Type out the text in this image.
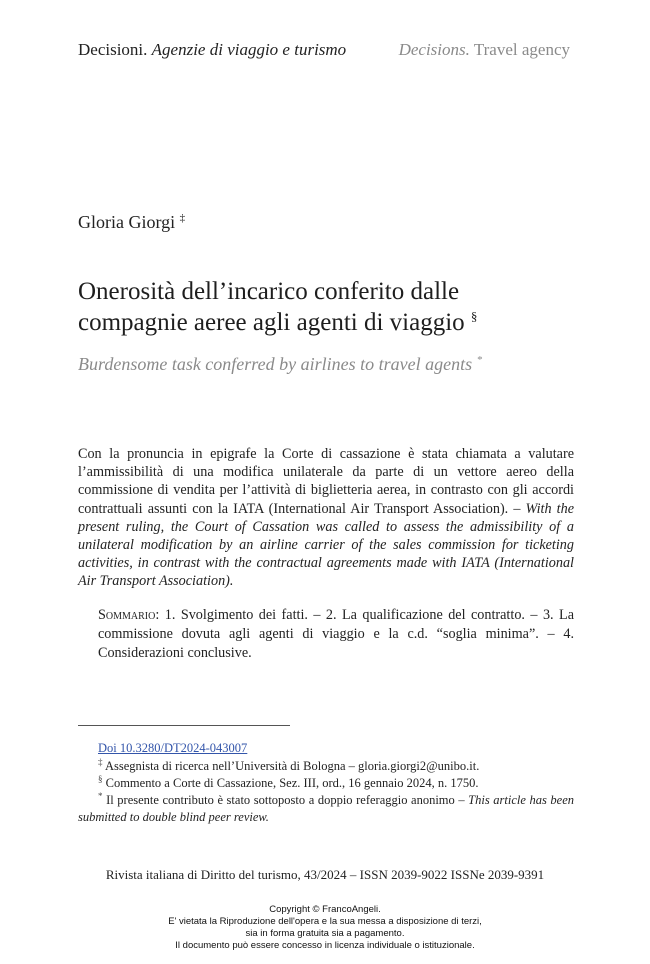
Decisioni. Agenzie di viaggio e turismo	Decisions. Travel agency
Gloria Giorgi ‡
Onerosità dell’incarico conferito dalle
compagnie aeree agli agenti di viaggio §
Burdensome task conferred by airlines to travel agents *
Con la pronuncia in epigrafe la Corte di cassazione è stata chiamata a valutare l’ammissibilità di una modifica unilaterale da parte di un vettore aereo della commissione di vendita per l’attività di biglietteria aerea, in contrasto con gli accordi contrattuali assunti con la IATA (International Air Transport Association). – With the present ruling, the Court of Cassation was called to assess the admissibility of a unilateral modification by an airline carrier of the sales commission for ticketing activities, in contrast with the contractual agreements made with IATA (International Air Transport Association).
Sommario: 1. Svolgimento dei fatti. – 2. La qualificazione del contratto. – 3. La commissione dovuta agli agenti di viaggio e la c.d. “soglia minima”. – 4. Considerazioni conclusive.
Doi 10.3280/DT2024-043007
‡ Assegnista di ricerca nell’Università di Bologna – gloria.giorgi2@unibo.it.
§ Commento a Corte di Cassazione, Sez. III, ord., 16 gennaio 2024, n. 1750.
* Il presente contributo è stato sottoposto a doppio referaggio anonimo – This article has been submitted to double blind peer review.
Rivista italiana di Diritto del turismo, 43/2024 – ISSN 2039-9022 ISSNe 2039-9391
Copyright © FrancoAngeli.
E' vietata la Riproduzione dell'opera e la sua messa a disposizione di terzi,
sia in forma gratuita sia a pagamento.
Il documento può essere concesso in licenza individuale o istituzionale.
